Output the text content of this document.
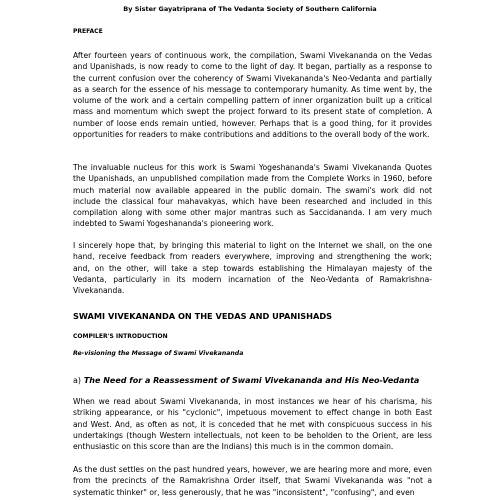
By Sister Gayatriprana of The Vedanta Society of Southern California
PREFACE

After fourteen years of continuous work, the compilation, Swami Vivekananda on the Vedas and Upanishads, is now ready to come to the light of day. It began, partially as a response to the current confusion over the coherency of Swami Vivekananda's Neo-Vedanta and partially as a search for the essence of his message to contemporary humanity. As time went by, the volume of the work and a certain compelling pattern of inner organization built up a critical mass and momentum which swept the project forward to its present state of completion. A number of loose ends remain untied, however. Perhaps that is a good thing, for it provides opportunities for readers to make contributions and additions to the overall body of the work.

The invaluable nucleus for this work is Swami Yogeshananda's Swami Vivekananda Quotes the Upanishads, an unpublished compilation made from the Complete Works in 1960, before much material now available appeared in the public domain. The swami's work did not include the classical four mahavakyas, which have been researched and included in this compilation along with some other major mantras such as Saccidananda. I am very much indebted to Swami Yogeshananda's pioneering work.

I sincerely hope that, by bringing this material to light on the Internet we shall, on the one hand, receive feedback from readers everywhere, improving and strengthening the work; and, on the other, will take a step towards establishing the Himalayan majesty of the Vedanta, particularly in its modern incarnation of the Neo-Vedanta of Ramakrishna-Vivekananda.

SWAMI VIVEKANANDA ON THE VEDAS AND UPANISHADS
COMPILER'S INTRODUCTION
Re-visioning the Message of Swami Vivekananda
a) The Need for a Reassessment of Swami Vivekananda and His Neo-Vedanta

When we read about Swami Vivekananda, in most instances we hear of his charisma, his striking appearance, or his "cyclonic", impetuous movement to effect change in both East and West. And, as often as not, it is conceded that he met with conspicuous success in his undertakings (though Western intellectuals, not keen to be beholden to the Orient, are less enthusiastic on this score than are the Indians) this much is in the common domain.

As the dust settles on the past hundred years, however, we are hearing more and more, even from the precincts of the Ramakrishna Order itself, that Swami Vivekananda was "not a systematic thinker" or, less generously, that he was "inconsistent", "confusing", and even
